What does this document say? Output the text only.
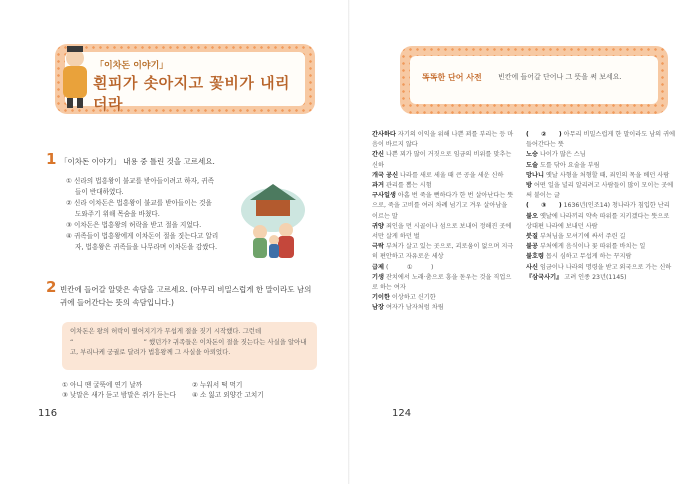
「이차돈 이야기」
흰피가 솟아지고 꽃비가 내리더라
1 「이차돈 이야기」 내용 중 틀린 것을 고르세요.
① 신라의 법흥왕이 불교를 받아들이려고 하자, 귀족
들이 반대하였다.
② 신라 이차돈은 법흥왕이 불교를 받아들이는 것을
도와주기 위해 목숨을 바쳤다.
③ 이차돈은 법흥왕의 허락을 받고 절을 지었다.
④ 귀족들이 법흥왕에게 이차돈이 절을 짓는다고 알리
자, 법흥왕은 귀족들을 나무라며 이차돈을 감쌌다.
2 빈칸에 들어갈 알맞은 속담을 고르세요. (아무리 비밀스럽게 한 말이라도 남의 귀에 들어간다는 뜻의 속담입니다.)
이차돈은 왕의 허락이 떨어지기가 무섭게 절을 짓기 시작했다. 그런데 “　　　　　　　　　　　” 했던가? 귀족들은 이차돈이 절을 짓는다는 사실을 알아내고, 부리나케 궁궐로 달려가 법흥왕께 그 사실을 아뢰었다.
① 아니 땐 굴뚝에 연기 날까	② 누워서 떡 먹기
③ 낮말은 새가 듣고 밤말은 쥐가 듣는다	④ 소 잃고 외양간 고치기
116
똑똑한 단어 사전 빈칸에 들어갈 단어나 그 뜻을 써 보세요.
간사하다 자기의 이익을 위해 나쁜 꾀를 부리는 등 마음이 바르지 않다
간신 나쁜 꾀가 많이 거짓으로 임금의 비위를 맞추는 신하
개국 공신 나라를 새로 세울 때 큰 공을 세운 신하
과거 관리를 뽑는 시험
구사일생 아홉 번 죽을 뻔하다가 한 번 살아난다는 뜻으로, 죽을 고비를 여러 차례 넘기고 겨우 살아남을 이르는 말
귀양 죄인을 먼 시골이나 섬으로 보내어 정해진 곳에서만 살게 하던 벌
극락 부처가 살고 있는 곳으로, 괴로움이 없으며 지극히 편안하고 자유로운 세상
급제 (　　　①　　　)
기생 잔치에서 노래·춤으로 흥을 돋우는 것을 직업으로 하는 여자
기이한 이상하고 신기한
남장 여자가 남자처럼 차림
(　　②　　) 아무리 비밀스럽게 한 말이라도 남의 귀에 들어간다는 뜻
노승 나이가 많은 스님
도술 도를 닦아 요술을 부림
망나니 옛날 사형을 처형할 때, 죄인의 목을 베던 사람
방 어떤 일을 널리 알리려고 사람들이 많이 모이는 곳에 써 붙이는 글
(　　③　　) 1636년(인조14) 청나라가 침입한 난리
불오 옛날에 나라끼리 약속 따위를 지키겠다는 뜻으로 상대편 나라에 보내던 사람
붓질 부처님을 모셔기에 싸서 주린 길
불공 부처에게 음식이나 꽃 따위를 바치는 일
불호령 몹시 심하고 무섭게 하는 꾸지람
사신 임금이나 나라의 명령을 받고 외국으로 가는 신하
『삼국사기』 고려 인종 23년(1145)
124
